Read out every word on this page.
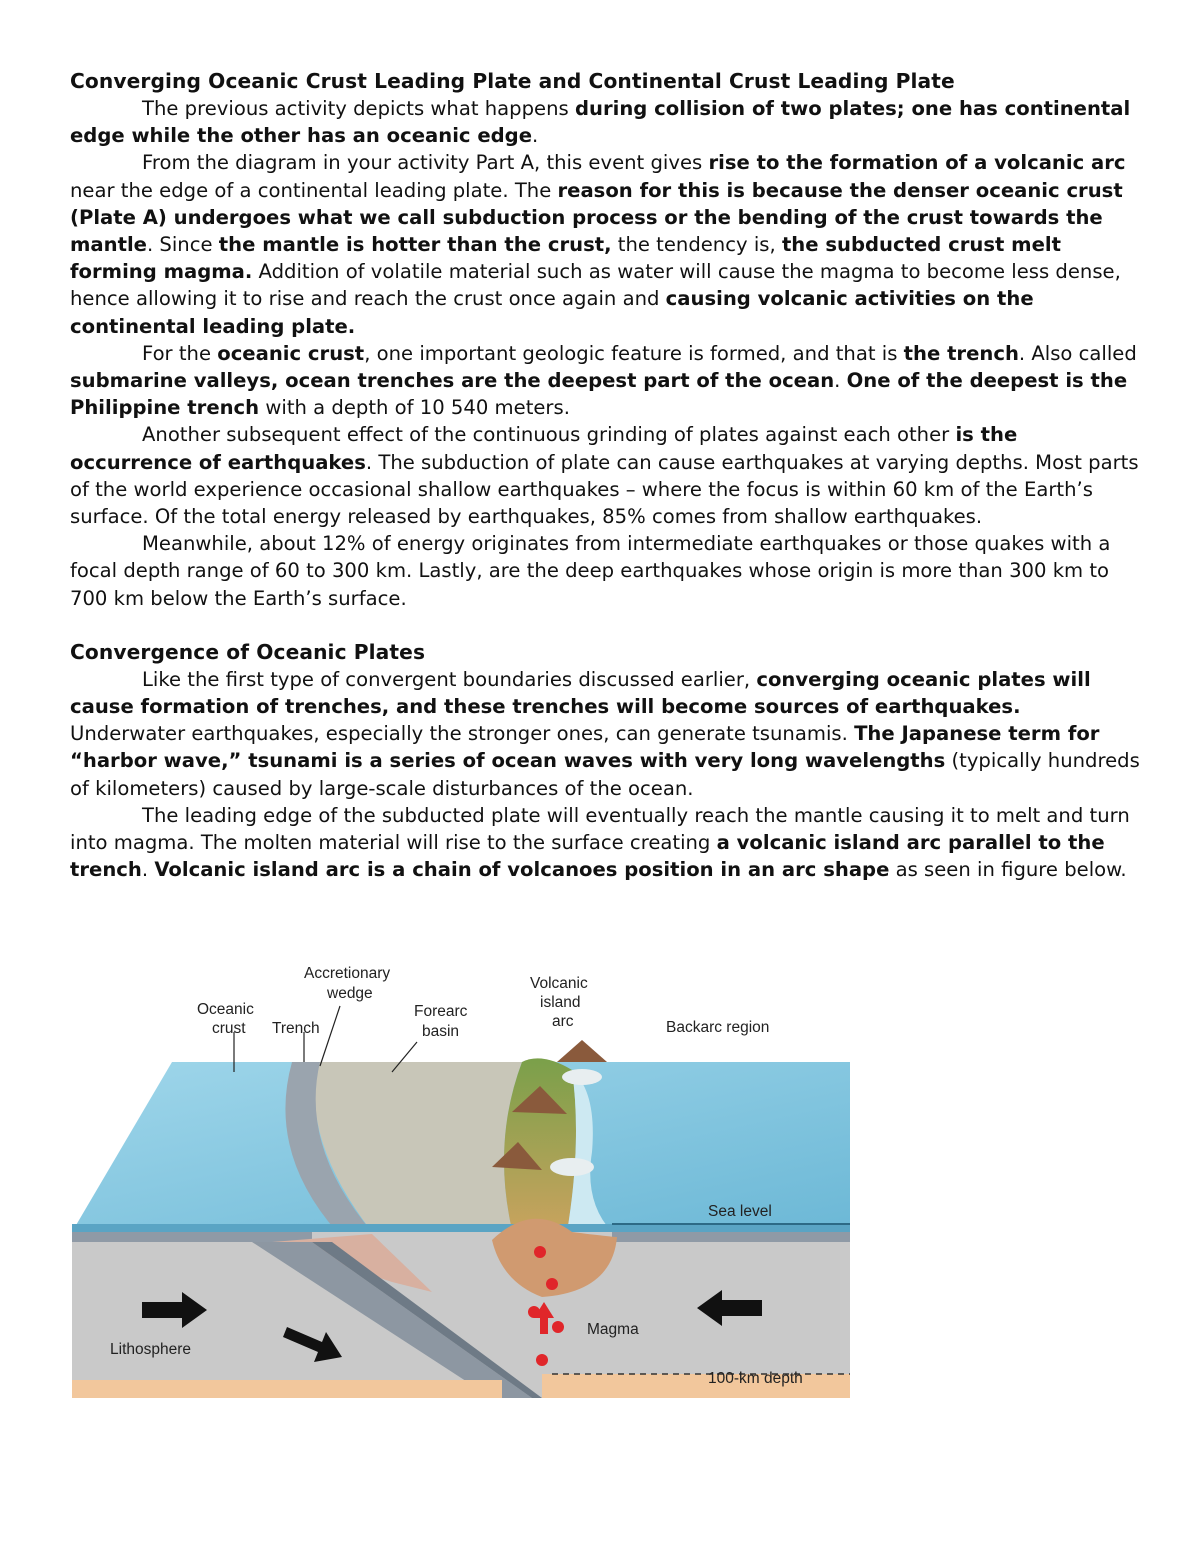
Converging Oceanic Crust Leading Plate and Continental Crust Leading Plate

The previous activity depicts what happens during collision of two plates; one has continental edge while the other has an oceanic edge.

From the diagram in your activity Part A, this event gives rise to the formation of a volcanic arc near the edge of a continental leading plate. The reason for this is because the denser oceanic crust (Plate A) undergoes what we call subduction process or the bending of the crust towards the mantle. Since the mantle is hotter than the crust, the tendency is, the subducted crust melt forming magma. Addition of volatile material such as water will cause the magma to become less dense, hence allowing it to rise and reach the crust once again and causing volcanic activities on the continental leading plate.

For the oceanic crust, one important geologic feature is formed, and that is the trench. Also called submarine valleys, ocean trenches are the deepest part of the ocean. One of the deepest is the Philippine trench with a depth of 10 540 meters.

Another subsequent effect of the continuous grinding of plates against each other is the occurrence of earthquakes. The subduction of plate can cause earthquakes at varying depths. Most parts of the world experience occasional shallow earthquakes – where the focus is within 60 km of the Earth’s surface. Of the total energy released by earthquakes, 85% comes from shallow earthquakes.

Meanwhile, about 12% of energy originates from intermediate earthquakes or those quakes with a focal depth range of 60 to 300 km. Lastly, are the deep earthquakes whose origin is more than 300 km to 700 km below the Earth’s surface.

Convergence of Oceanic Plates

Like the first type of convergent boundaries discussed earlier, converging oceanic plates will cause formation of trenches, and these trenches will become sources of earthquakes. Underwater earthquakes, especially the stronger ones, can generate tsunamis. The Japanese term for “harbor wave,” tsunami is a series of ocean waves with very long wavelengths (typically hundreds of kilometers) caused by large-scale disturbances of the ocean.

The leading edge of the subducted plate will eventually reach the mantle causing it to melt and turn into magma. The molten material will rise to the surface creating a volcanic island arc parallel to the trench. Volcanic island arc is a chain of volcanoes position in an arc shape as seen in figure below.

Oceanic
crust Trench
Accretionary
wedge
Forearc
basin
Volcanic
island
arc	Backarc region
Sea level
Magma
Lithosphere
100-km depth
